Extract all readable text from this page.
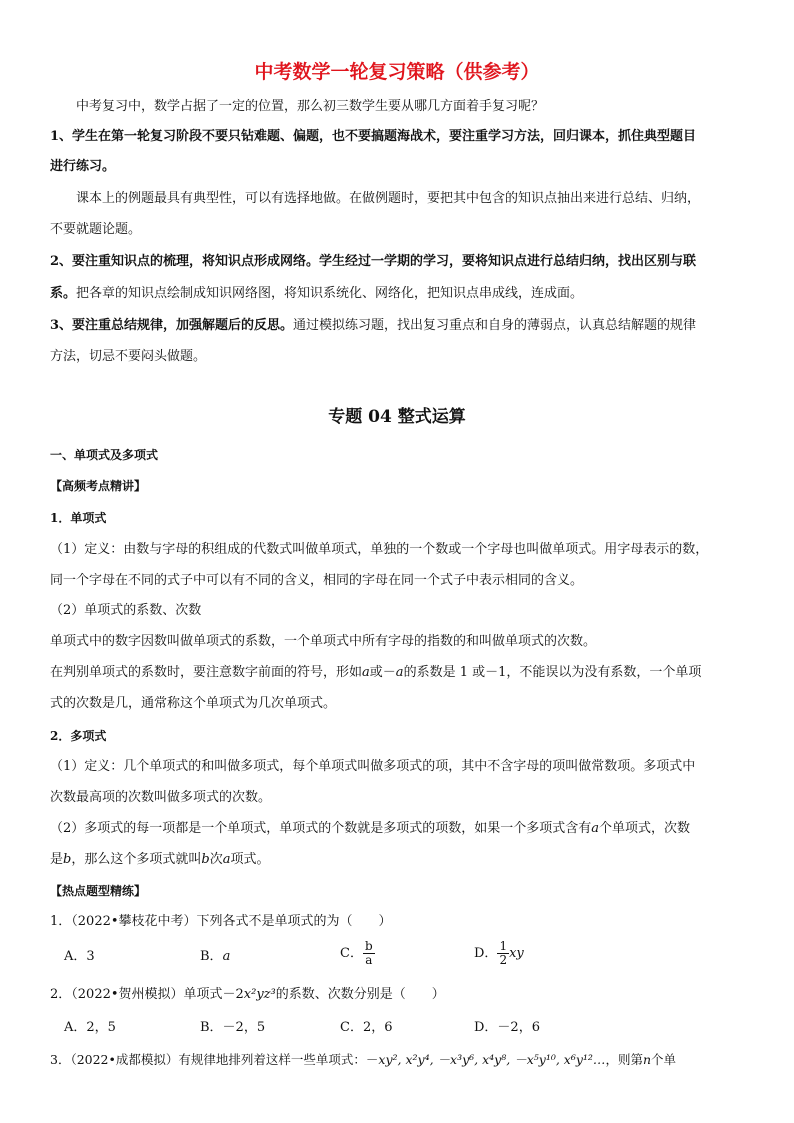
中考数学一轮复习策略（供参考）
中考复习中，数学占据了一定的位置，那么初三数学生要从哪几方面着手复习呢？
1、学生在第一轮复习阶段不要只钻难题、偏题，也不要搞题海战术，要注重学习方法，回归课本，抓住典型题目
进行练习。
课本上的例题最具有典型性，可以有选择地做。在做例题时，要把其中包含的知识点抽出来进行总结、归纳，
不要就题论题。
2、要注重知识点的梳理，将知识点形成网络。学生经过一学期的学习，要将知识点进行总结归纳，找出区别与联
系。把各章的知识点绘制成知识网络图，将知识系统化、网络化，把知识点串成线，连成面。
3、要注重总结规律，加强解题后的反思。通过模拟练习题，找出复习重点和自身的薄弱点，认真总结解题的规律
方法，切忌不要闷头做题。
专题 04 整式运算
一、单项式及多项式
【高频考点精讲】
1．单项式
（1）定义：由数与字母的积组成的代数式叫做单项式，单独的一个数或一个字母也叫做单项式。用字母表示的数，
同一个字母在不同的式子中可以有不同的含义，相同的字母在同一个式子中表示相同的含义。
（2）单项式的系数、次数
单项式中的数字因数叫做单项式的系数，一个单项式中所有字母的指数的和叫做单项式的次数。
在判别单项式的系数时，要注意数字前面的符号，形如a或－a的系数是 1 或－1，不能误以为没有系数，一个单项
式的次数是几，通常称这个单项式为几次单项式。
2．多项式
（1）定义：几个单项式的和叫做多项式，每个单项式叫做多项式的项，其中不含字母的项叫做常数项。多项式中
次数最高项的次数叫做多项式的次数。
（2）多项式的每一项都是一个单项式，单项式的个数就是多项式的项数，如果一个多项式含有a个单项式，次数
是b，那么这个多项式就叫b次a项式。
【热点题型精练】
1．（2022•攀枝花中考）下列各式不是单项式的为（　　）
A．3	B．a	C． $\frac{b}{a}$	D． $\frac{1}{2}$ xy
2．（2022•贺州模拟）单项式－2x²yz³的系数、次数分别是（　　）
A．2，5	B．－2，5	C．2，6	D．－2，6
3．（2022•成都模拟）有规律地排列着这样一些单项式：－xy², x²y⁴, －x³y⁶, x⁴y⁸, －x⁵y¹⁰, x⁶y¹²…，则第n个单
